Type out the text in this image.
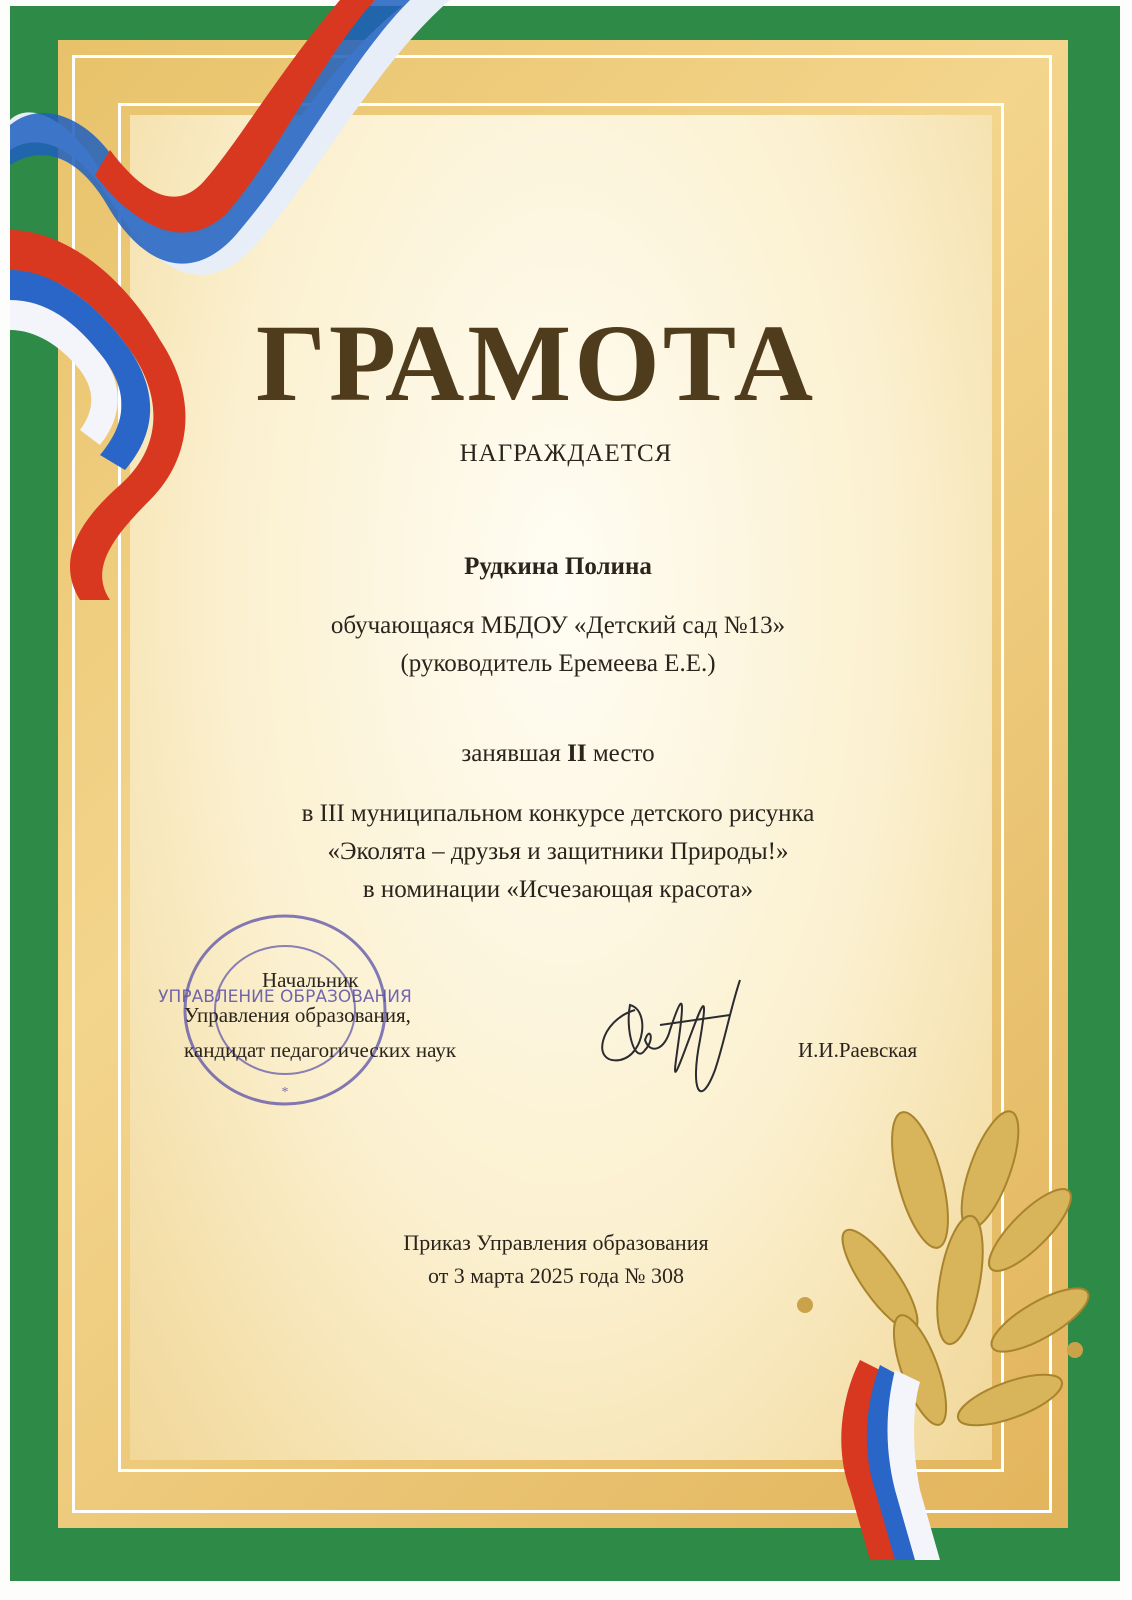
ГРАМОТА
НАГРАЖДАЕТСЯ
Рудкина Полина
обучающаяся МБДОУ «Детский сад №13»
(руководитель Еремеева Е.Е.)
занявшая II место
в III муниципальном конкурсе детского рисунка
«Эколята – друзья и защитники Природы!»
в номинации «Исчезающая красота»
УПРАВЛЕНИЕ ОБРАЗОВАНИЯ
*
Начальник
Управления образования,
кандидат педагогических наук	И.И.Раевская
Приказ Управления образования
от 3 марта 2025 года № 308
